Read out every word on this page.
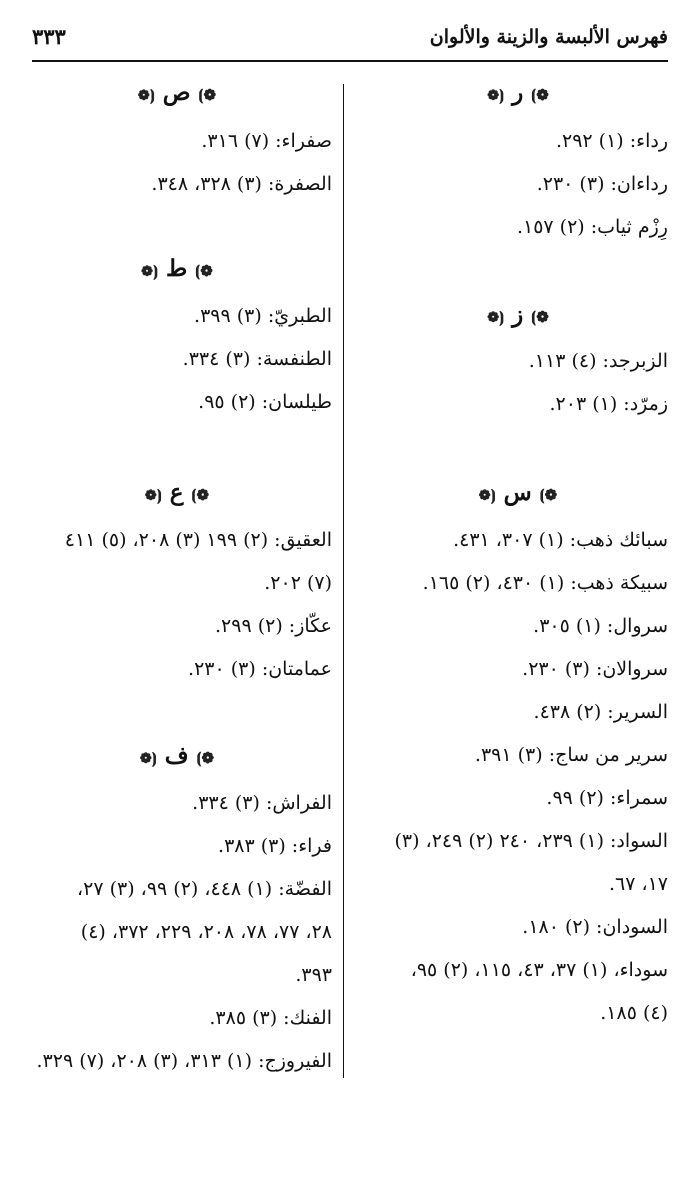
فهرس الألبسة والزينة والألوان
٣٣٣
❁⦘ ر ⦗❁
رداء: (١) ٢٩٢.
رداءان: (٣) ٢٣٠.
رِزْم ثياب: (٢) ١٥٧.
❁⦘ ز ⦗❁
الزبرجد: (٤) ١١٣.
زمرّد: (١) ٢٠٣.
❁⦘ س ⦗❁
سبائك ذهب: (١) ٣٠٧، ٤٣١.
سبيكة ذهب: (١) ٤٣٠، (٢) ١٦٥.
سروال: (١) ٣٠٥.
سروالان: (٣) ٢٣٠.
السرير: (٢) ٤٣٨.
سرير من ساج: (٣) ٣٩١.
سمراء: (٢) ٩٩.
السواد: (١) ٢٣٩، ٢٤٠ (٢) ٢٤٩، (٣)
١٧، ٦٧.
السودان: (٢) ١٨٠.
سوداء، (١) ٣٧، ٤٣، ١١٥، (٢) ٩٥،
(٤) ١٨٥.
❁⦘ ص ⦗❁
صفراء: (٧) ٣١٦.
الصفرة: (٣) ٣٢٨، ٣٤٨.
❁⦘ ط ⦗❁
الطبريّ: (٣) ٣٩٩.
الطنفسة: (٣) ٣٣٤.
طيلسان: (٢) ٩٥.
❁⦘ ع ⦗❁
العقيق: (٢) ١٩٩ (٣) ٢٠٨، (٥) ٤١١
(٧) ٢٠٢.
عكّاز: (٢) ٢٩٩.
عمامتان: (٣) ٢٣٠.
❁⦘ ف ⦗❁
الفراش: (٣) ٣٣٤.
فراء: (٣) ٣٨٣.
الفضّة: (١) ٤٤٨، (٢) ٩٩، (٣) ٢٧،
٢٨، ٧٧، ٧٨، ٢٠٨، ٢٢٩، ٣٧٢، (٤)
٣٩٣.
الفنك: (٣) ٣٨٥.
الفيروزج: (١) ٣١٣، (٣) ٢٠٨، (٧) ٣٢٩.
